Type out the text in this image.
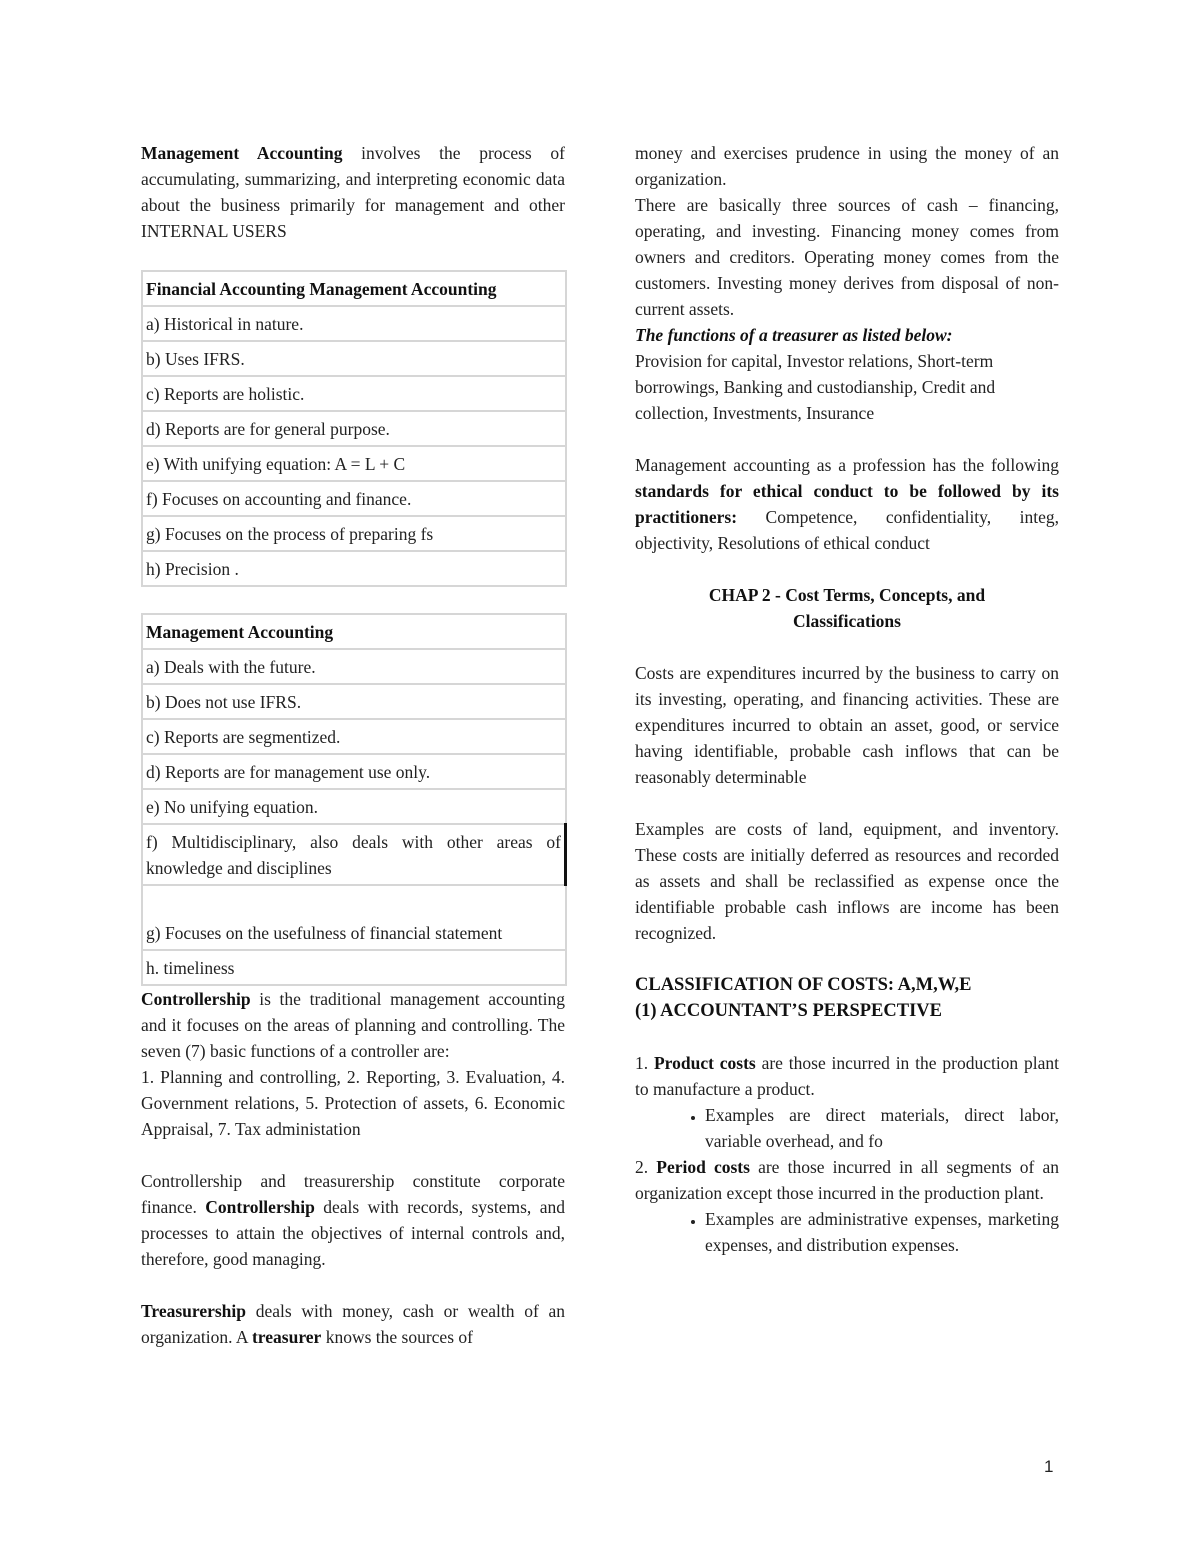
Management Accounting involves the process of accumulating, summarizing, and interpreting economic data about the business primarily for management and other INTERNAL USERS

Financial Accounting Management Accounting
a) Historical in nature.
b) Uses IFRS.
c) Reports are holistic.
d) Reports are for general purpose.
e) With unifying equation: A = L + C
f) Focuses on accounting and finance.
g) Focuses on the process of preparing fs
h) Precision .
Management Accounting
a) Deals with the future.
b) Does not use IFRS.
c) Reports are segmentized.
d) Reports are for management use only.
e) No unifying equation.
f) Multidisciplinary, also deals with other areas of knowledge and disciplines

g) Focuses on the usefulness of financial statement
h. timeliness

Controllership is the traditional management accounting and it focuses on the areas of planning and controlling. The seven (7) basic functions of a controller are:

1. Planning and controlling, 2. Reporting, 3. Evaluation, 4. Government relations, 5. Protection of assets, 6. Economic Appraisal, 7. Tax administation

Controllership and treasurership constitute corporate finance. Controllership deals with records, systems, and processes to attain the objectives of internal controls and, therefore, good managing.

Treasurership deals with money, cash or wealth of an organization. A treasurer knows the sources of

money and exercises prudence in using the money of an organization.

There are basically three sources of cash – financing, operating, and investing. Financing money comes from owners and creditors. Operating money comes from the customers. Investing money derives from disposal of non-current assets.

The functions of a treasurer as listed below:

Provision for capital, Investor relations, Short-term borrowings, Banking and custodianship, Credit and collection, Investments, Insurance

Management accounting as a profession has the following standards for ethical conduct to be followed by its practitioners: Competence, confidentiality, integ, objectivity, Resolutions of ethical conduct

CHAP 2 - Cost Terms, Concepts, and Classifications

Costs are expenditures incurred by the business to carry on its investing, operating, and financing activities. These are expenditures incurred to obtain an asset, good, or service having identifiable, probable cash inflows that can be reasonably determinable

Examples are costs of land, equipment, and inventory. These costs are initially deferred as resources and recorded as assets and shall be reclassified as expense once the identifiable probable cash inflows are income has been recognized.

CLASSIFICATION OF COSTS: A,M,W,E

(1) ACCOUNTANT’S PERSPECTIVE

1. Product costs are those incurred in the production plant to manufacture a product.

• Examples are direct materials, direct labor, variable overhead, and fo

2. Period costs are those incurred in all segments of an organization except those incurred in the production plant.

• Examples are administrative expenses, marketing expenses, and distribution expenses.
1
